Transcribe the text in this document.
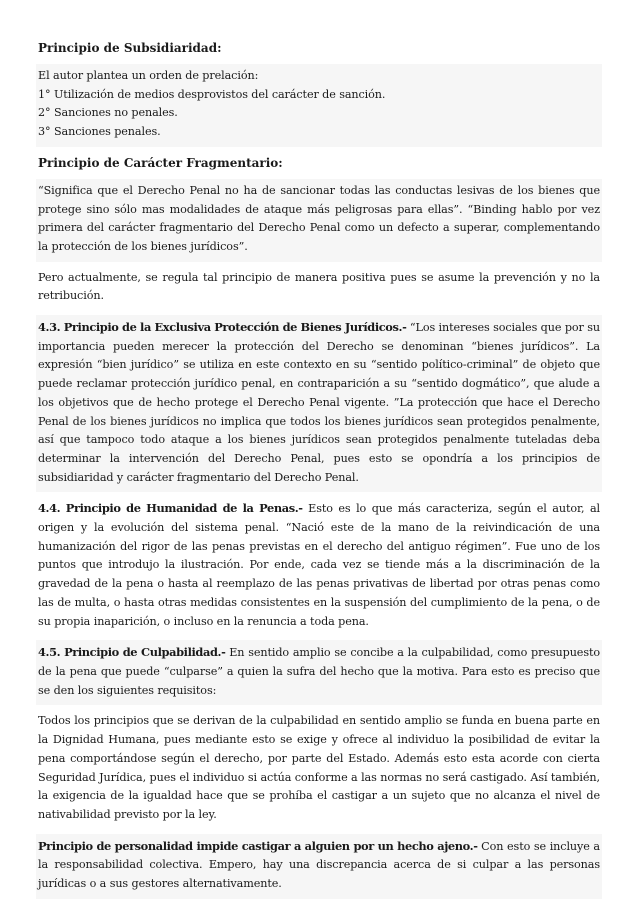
Principio de Subsidiaridad:
El autor plantea un orden de prelación:
1° Utilización de medios desprovistos del carácter de sanción.
2° Sanciones no penales.
3° Sanciones penales.
Principio de Carácter Fragmentario:
“Significa que el Derecho Penal no ha de sancionar todas las conductas lesivas de los bienes que protege sino sólo mas modalidades de ataque más peligrosas para ellas”. “Binding hablo por vez primera del carácter fragmentario del Derecho Penal como un defecto a superar, complementando la protección de los bienes jurídicos”.
Pero actualmente, se regula tal principio de manera positiva pues se asume la prevención y no la retribución.
4.3. Principio de la Exclusiva Protección de Bienes Jurídicos.- “Los intereses sociales que por su importancia pueden merecer la protección del Derecho se denominan “bienes jurídicos”. La expresión “bien jurídico” se utiliza en este contexto en su “sentido político-criminal” de objeto que puede reclamar protección jurídico penal, en contraparición a su “sentido dogmático”, que alude a los objetivos que de hecho protege el Derecho Penal vigente. ”La protección que hace el Derecho Penal de los bienes jurídicos no implica que todos los bienes jurídicos sean protegidos penalmente, así que tampoco todo ataque a los bienes jurídicos sean protegidos penalmente tuteladas deba determinar la intervención del Derecho Penal, pues esto se opondría a los principios de subsidiaridad y carácter fragmentario del Derecho Penal.
4.4. Principio de Humanidad de la Penas.- Esto es lo que más caracteriza, según el autor, al origen y la evolución del sistema penal. “Nació este de la mano de la reivindicación de una humanización del rigor de las penas previstas en el derecho del antiguo régimen”. Fue uno de los puntos que introdujo la ilustración. Por ende, cada vez se tiende más a la discriminación de la gravedad de la pena o hasta al reemplazo de las penas privativas de libertad por otras penas como las de multa, o hasta otras medidas consistentes en la suspensión del cumplimiento de la pena, o de su propia inaparición, o incluso en la renuncia a toda pena.
4.5. Principio de Culpabilidad.- En sentido amplio se concibe a la culpabilidad, como presupuesto de la pena que puede “culparse” a quien la sufra del hecho que la motiva. Para esto es preciso que se den los siguientes requisitos:
Todos los principios que se derivan de la culpabilidad en sentido amplio se funda en buena parte en la Dignidad Humana, pues mediante esto se exige y ofrece al individuo la posibilidad de evitar la pena comportándose según el derecho, por parte del Estado. Además esto esta acorde con cierta Seguridad Jurídica, pues el individuo si actúa conforme a las normas no será castigado. Así también, la exigencia de la igualdad hace que se prohíba el castigar a un sujeto que no alcanza el nivel de nativabilidad previsto por la ley.
Principio de personalidad impide castigar a alguien por un hecho ajeno.- Con esto se incluye a la responsabilidad colectiva. Empero, hay una discrepancia acerca de si culpar a las personas jurídicas o a sus gestores alternativamente.
